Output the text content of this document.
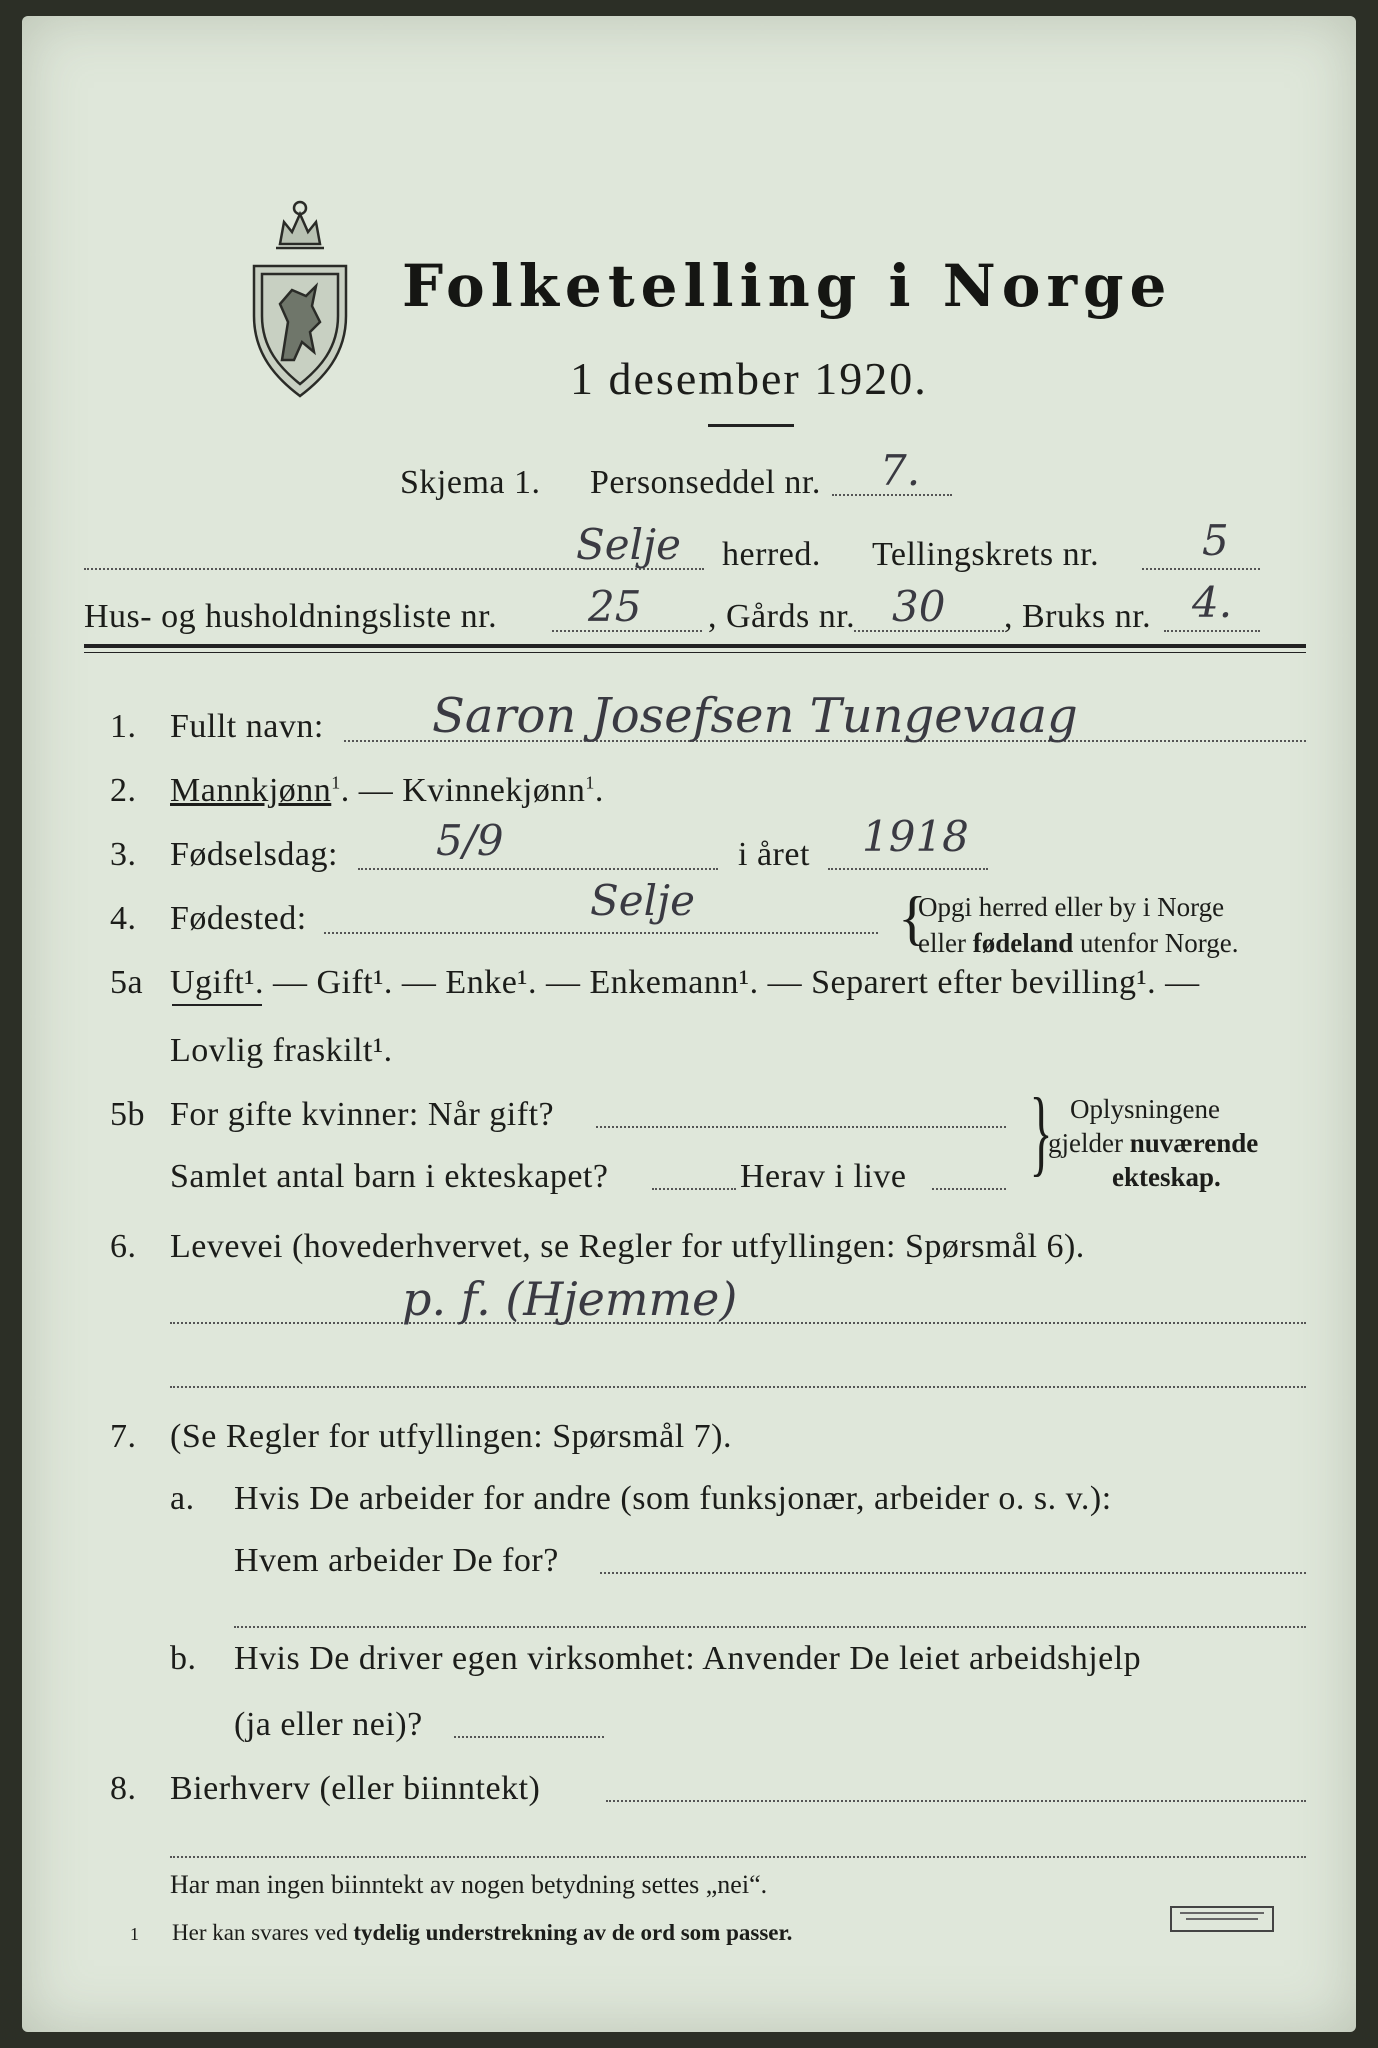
Folketelling i Norge
1 desember 1920.
Skjema 1. Personseddel nr. 7.
Selje herred. Tellingskrets nr. 5
Hus- og husholdningsliste nr. 25 , Gårds nr. 30 , Bruks nr. 4.
1. Fullt navn: Saron Josefsen Tungevaag
2. Mannkjønn$^1$. — Kvinnekjønn$^1$.
3. Fødselsdag: 5/9	i året 1918
4. Fødested:	Selje	{
Opgi herred eller by i Norge
eller fødeland utenfor Norge.
5a Ugift¹. — Gift¹. — Enke¹. — Enkemann¹. — Separert efter bevilling¹. —
Lovlig fraskilt¹.
5b For gifte kvinner: Når gift?
Samlet antal barn i ekteskapet?	Herav i live } Oplysningene
gjelder nuværende
ekteskap.
6. Levevei (hovederhvervet, se Regler for utfyllingen: Spørsmål 6).
p. f. (Hjemme)
7. (Se Regler for utfyllingen: Spørsmål 7).
a. Hvis De arbeider for andre (som funksjonær, arbeider o. s. v.):
Hvem arbeider De for?
b. Hvis De driver egen virksomhet: Anvender De leiet arbeidshjelp
(ja eller nei)?
8. Bierhverv (eller biinntekt)
Har man ingen biinntekt av nogen betydning settes „nei“.
1 Her kan svares ved tydelig understrekning av de ord som passer.
